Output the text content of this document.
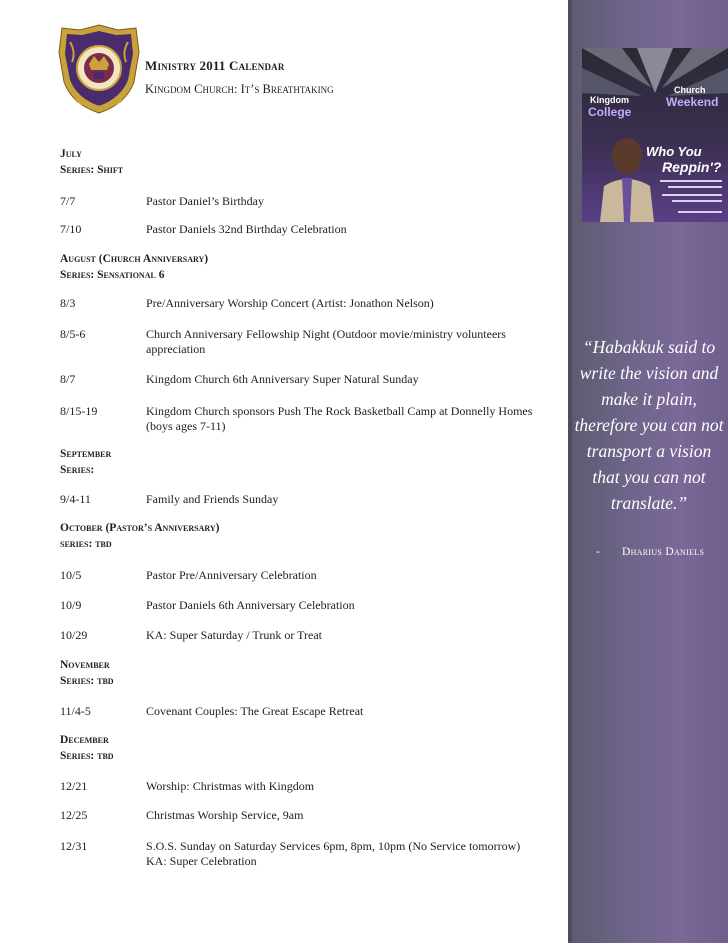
Ministry 2011 Calendar
Kingdom Church: It’s Breathtaking
July
Series: Shift
7/7	Pastor Daniel’s Birthday
7/10	Pastor Daniels 32nd Birthday Celebration
August (Church Anniversary)
Series: Sensational 6
8/3	Pre/Anniversary Worship Concert (Artist: Jonathon Nelson)
8/5-6	Church Anniversary Fellowship Night (Outdoor movie/ministry volunteers appreciation
8/7	Kingdom Church 6th Anniversary Super Natural Sunday
8/15-19	Kingdom Church sponsors Push The Rock Basketball Camp at Donnelly Homes (boys ages 7-11)
September
Series:
9/4-11	Family and Friends Sunday
October (Pastor’s Anniversary)
series: tbd
10/5	Pastor Pre/Anniversary Celebration
10/9	Pastor Daniels 6th Anniversary Celebration
10/29	KA: Super Saturday / Trunk or Treat
November
Series: tbd
11/4-5	Covenant Couples: The Great Escape Retreat
December
Series: tbd
12/21	Worship: Christmas with Kingdom
12/25	Christmas Worship Service, 9am
12/31	S.O.S. Sunday on Saturday Services 6pm, 8pm, 10pm (No Service tomorrow)
KA: Super Celebration
Kingdom
College
Church
Weekend
Who You
Reppin'?
“Habakkuk said to write the vision and make it plain, therefore you can not transport a vision that you can not translate.”
- Dharius Daniels
